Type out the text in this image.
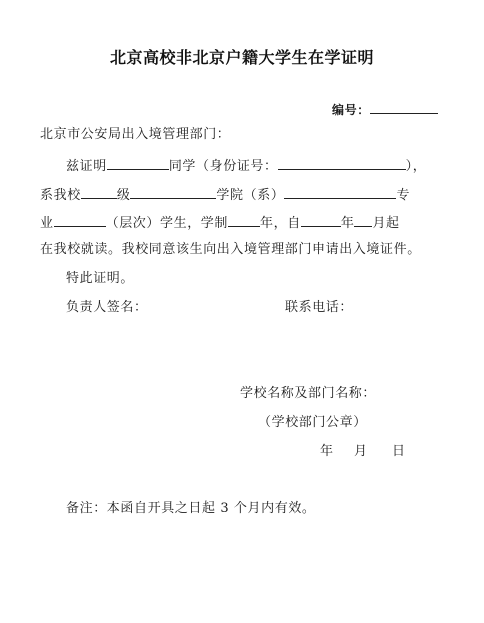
北京高校非北京户籍大学生在学证明
编号：
北京市公安局出入境管理部门：
兹证明	同学（身份证号：	），
系我校	级	学院（系）	专
业	（层次）学生，学制 年，自	年 月起
在我校就读。我校同意该生向出入境管理部门申请出入境证件。
特此证明。
负责人签名：	联系电话：
学校名称及部门名称：
（学校部门公章）
年 月 日
备注：本函自开具之日起 3 个月内有效。
